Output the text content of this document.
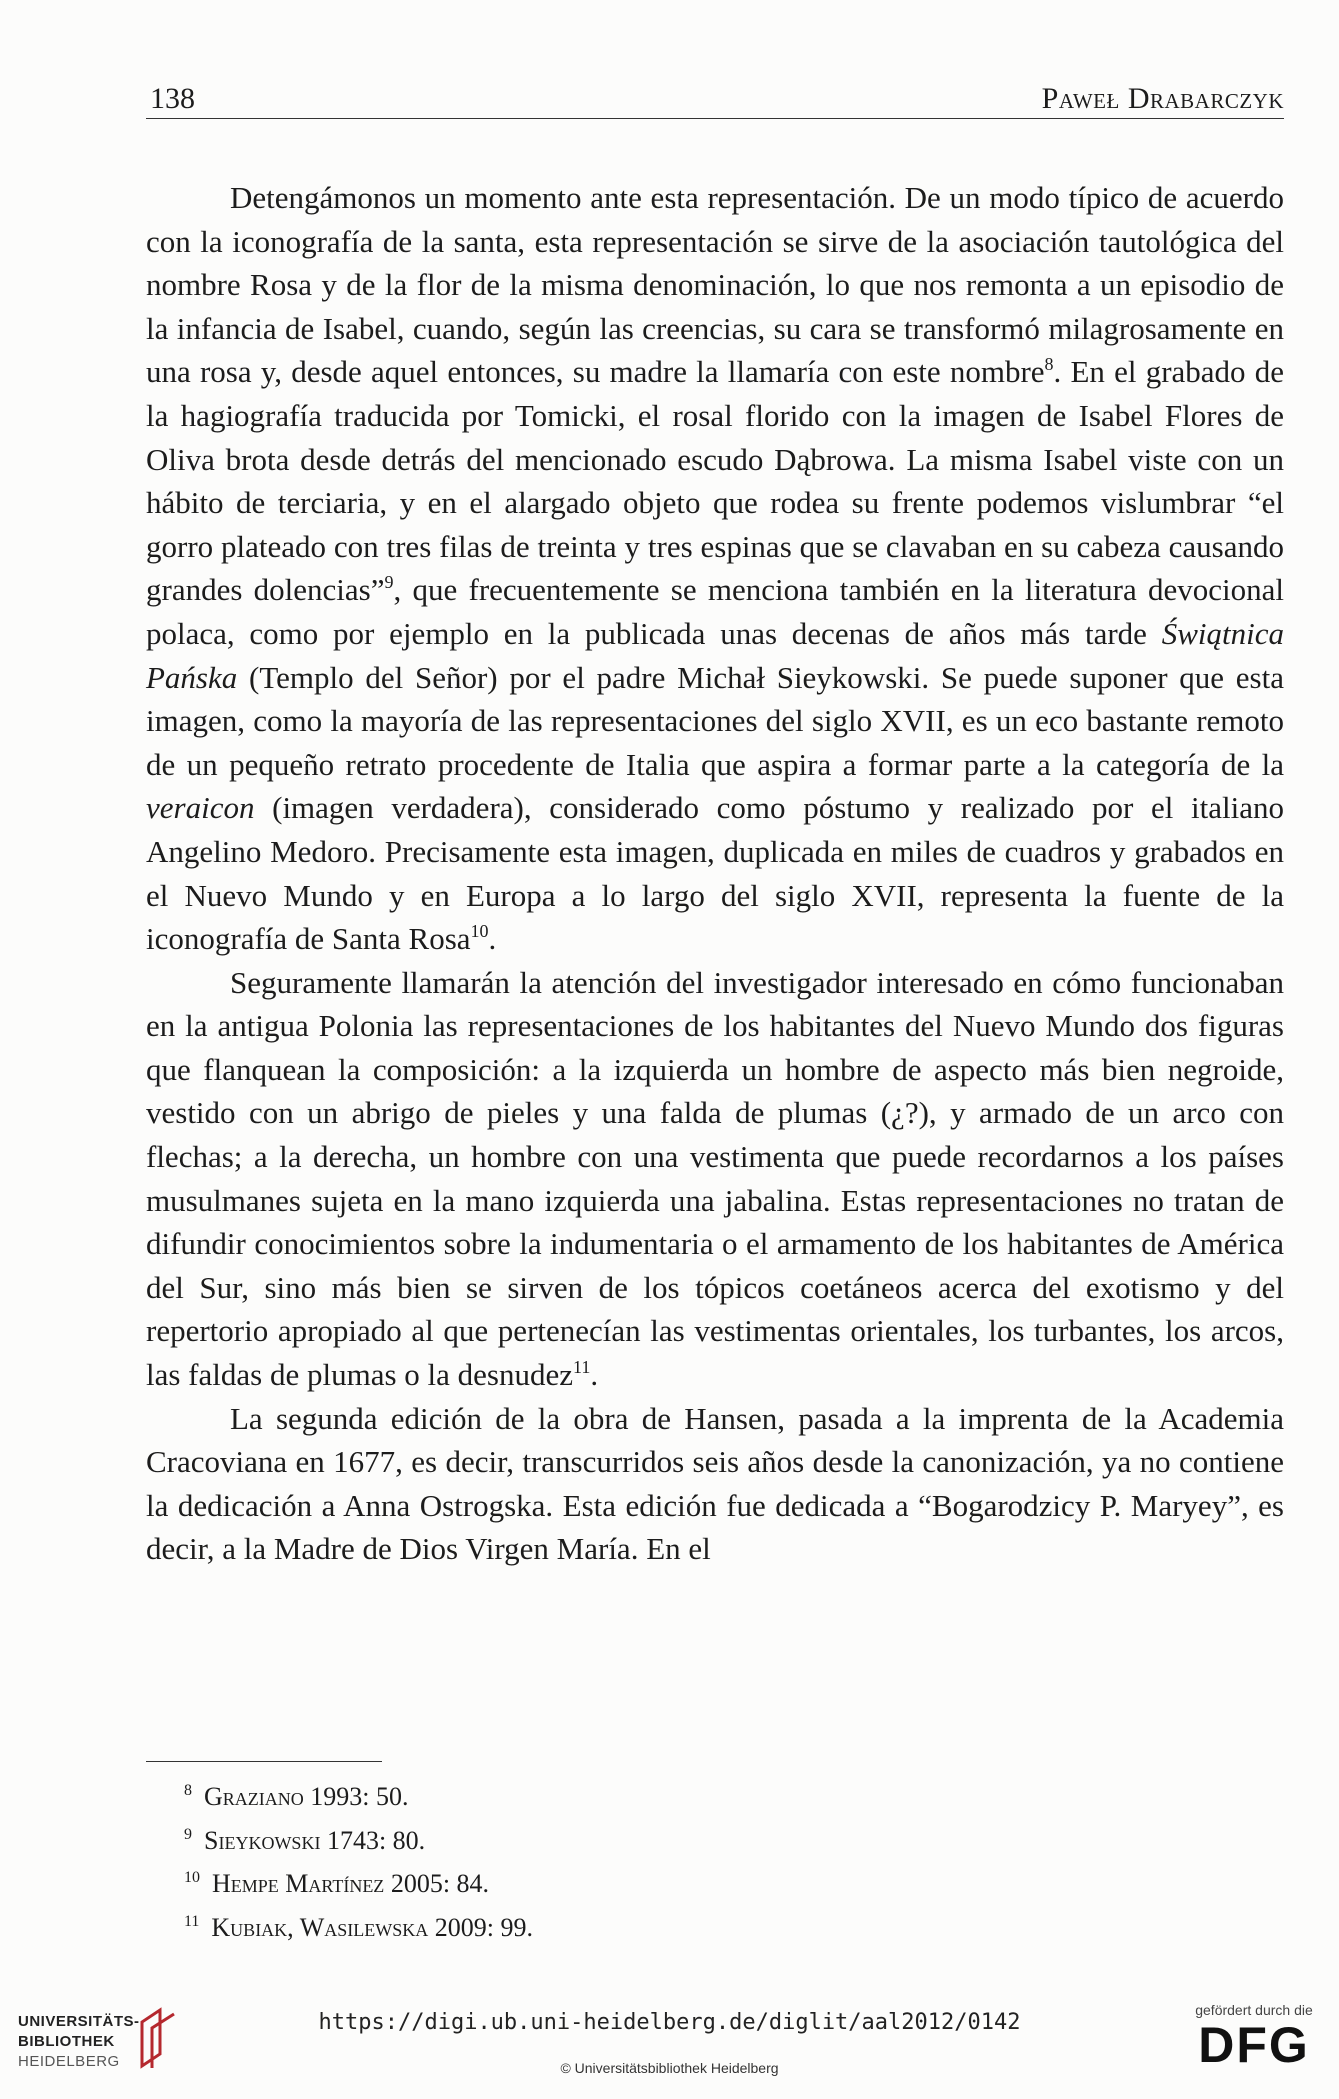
138	Paweł Drabarczyk

Detengámonos un momento ante esta representación. De un modo típico de acuerdo con la iconografía de la santa, esta representación se sirve de la asociación tautológica del nombre Rosa y de la flor de la misma denominación, lo que nos remonta a un episodio de la infancia de Isabel, cuando, según las creencias, su cara se transformó milagrosamente en una rosa y, desde aquel entonces, su madre la llamaría con este nombre$^8$. En el grabado de la hagiografía traducida por Tomicki, el rosal florido con la imagen de Isabel Flores de Oliva brota desde detrás del mencionado escudo Dąbrowa. La misma Isabel viste con un hábito de terciaria, y en el alargado objeto que rodea su frente podemos vislumbrar “el gorro plateado con tres filas de treinta y tres espinas que se clavaban en su cabeza causando grandes dolencias”$^9$, que frecuentemente se menciona también en la literatura devocional polaca, como por ejemplo en la publicada unas decenas de años más tarde Świątnica Pańska (Templo del Señor) por el padre Michał Sieykowski. Se puede suponer que esta imagen, como la mayoría de las representaciones del siglo XVII, es un eco bastante remoto de un pequeño retrato procedente de Italia que aspira a formar parte a la categoría de la veraicon (imagen verdadera), considerado como póstumo y realizado por el italiano Angelino Medoro. Precisamente esta imagen, duplicada en miles de cuadros y grabados en el Nuevo Mundo y en Europa a lo largo del siglo XVII, representa la fuente de la iconografía de Santa Rosa$^{10}$.

Seguramente llamarán la atención del investigador interesado en cómo funcionaban en la antigua Polonia las representaciones de los habitantes del Nuevo Mundo dos figuras que flanquean la composición: a la izquierda un hombre de aspecto más bien negroide, vestido con un abrigo de pieles y una falda de plumas (¿?), y armado de un arco con flechas; a la derecha, un hombre con una vestimenta que puede recordarnos a los países musulmanes sujeta en la mano izquierda una jabalina. Estas representaciones no tratan de difundir conocimientos sobre la indumentaria o el armamento de los habitantes de América del Sur, sino más bien se sirven de los tópicos coetáneos acerca del exotismo y del repertorio apropiado al que pertenecían las vestimentas orientales, los turbantes, los arcos, las faldas de plumas o la desnudez$^{11}$.

La segunda edición de la obra de Hansen, pasada a la imprenta de la Academia Cracoviana en 1677, es decir, transcurridos seis años desde la canonización, ya no contiene la dedicación a Anna Ostrogska. Esta edición fue dedicada a “Bogarodzicy P. Maryey”, es decir, a la Madre de Dios Virgen María. En el

$^8$ Graziano 1993: 50.
$^9$ Sieykowski 1743: 80.
$^{10}$ Hempe Martínez 2005: 84.
$^{11}$ Kubiak, Wasilewska 2009: 99.
UNIVERSITÄTS-
BIBLIOTHEK
HEIDELBERG
https://digi.ub.uni-heidelberg.de/diglit/aal2012/0142
© Universitätsbibliothek Heidelberg
gefördert durch die
DFG
